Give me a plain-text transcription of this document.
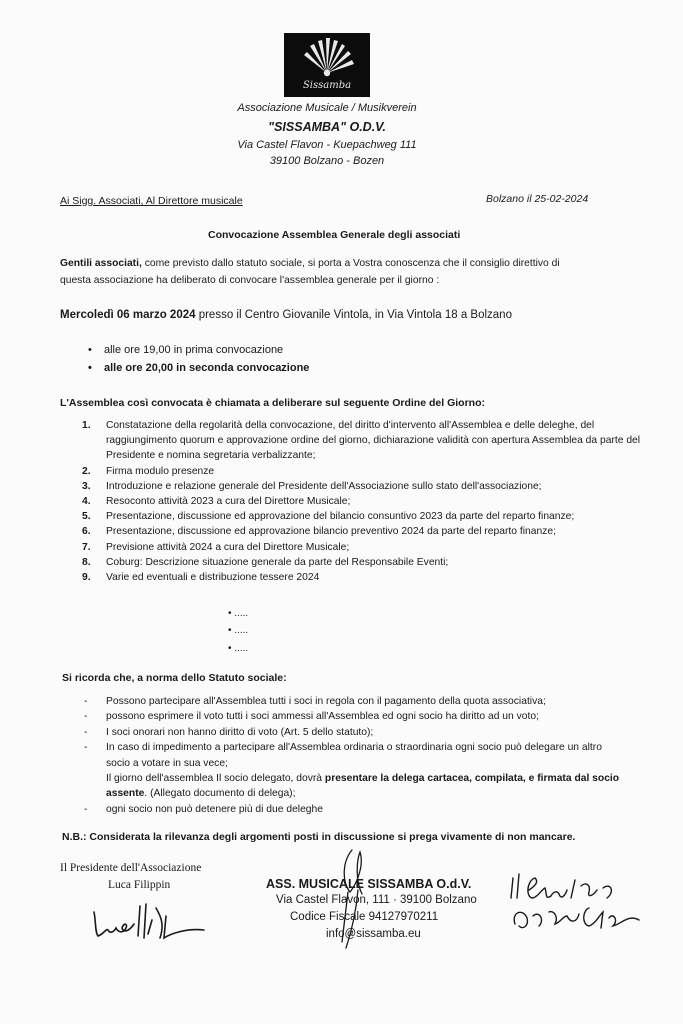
Sissamba
Associazione Musicale / Musikverein
"SISSAMBA" O.D.V.
Via Castel Flavon - Kuepachweg 111
39100 Bolzano - Bozen
Ai Sigg. Associati, Al Direttore musicale	Bolzano il 25-02-2024
Convocazione Assemblea Generale degli associati
Gentili associati, come previsto dallo statuto sociale, si porta a Vostra conoscenza che il consiglio direttivo di
questa associazione ha deliberato di convocare l'assemblea generale per il giorno :
Mercoledì 06 marzo 2024 presso il Centro Giovanile Vintola, in Via Vintola 18 a Bolzano
• alle ore 19,00 in prima convocazione
• alle ore 20,00 in seconda convocazione
L'Assemblea così convocata è chiamata a deliberare sul seguente Ordine del Giorno:
1. Constatazione della regolarità della convocazione, del diritto d'intervento all'Assemblea e delle deleghe, del raggiungimento quorum e approvazione ordine del giorno, dichiarazione validità con apertura Assemblea da parte del Presidente e nomina segretaria verbalizzante;
2. Firma modulo presenze
3. Introduzione e relazione generale del Presidente dell'Associazione sullo stato dell'associazione;
4. Resoconto attività 2023 a cura del Direttore Musicale;
5. Presentazione, discussione ed approvazione del bilancio consuntivo 2023 da parte del reparto finanze;
6. Presentazione, discussione ed approvazione bilancio preventivo 2024 da parte del reparto finanze;
7. Previsione attività 2024 a cura del Direttore Musicale;
8. Coburg: Descrizione situazione generale da parte del Responsabile Eventi;
9. Varie ed eventuali e distribuzione tessere 2024
• .....
• .....
• .....
Si ricorda che, a norma dello Statuto sociale:
- Possono partecipare all'Assemblea tutti i soci in regola con il pagamento della quota associativa;
- possono esprimere il voto tutti i soci ammessi all'Assemblea ed ogni socio ha diritto ad un voto;
- I soci onorari non hanno diritto di voto (Art. 5 dello statuto);
- In caso di impedimento a partecipare all'Assemblea ordinaria o straordinaria ogni socio può delegare un altro socio a votare in sua vece;
Il giorno dell'assemblea Il socio delegato, dovrà presentare la delega cartacea, compilata, e firmata dal socio assente. (Allegato documento di delega);
- ogni socio non può detenere più di due deleghe
N.B.: Considerata la rilevanza degli argomenti posti in discussione si prega vivamente di non mancare.
Il Presidente dell'Associazione
Luca Filippin	ASS. MUSICALE SISSAMBA O.d.V.
Via Castel Flavon, 111 · 39100 Bolzano
Codice Fiscale 94127970211
info@sissamba.eu
